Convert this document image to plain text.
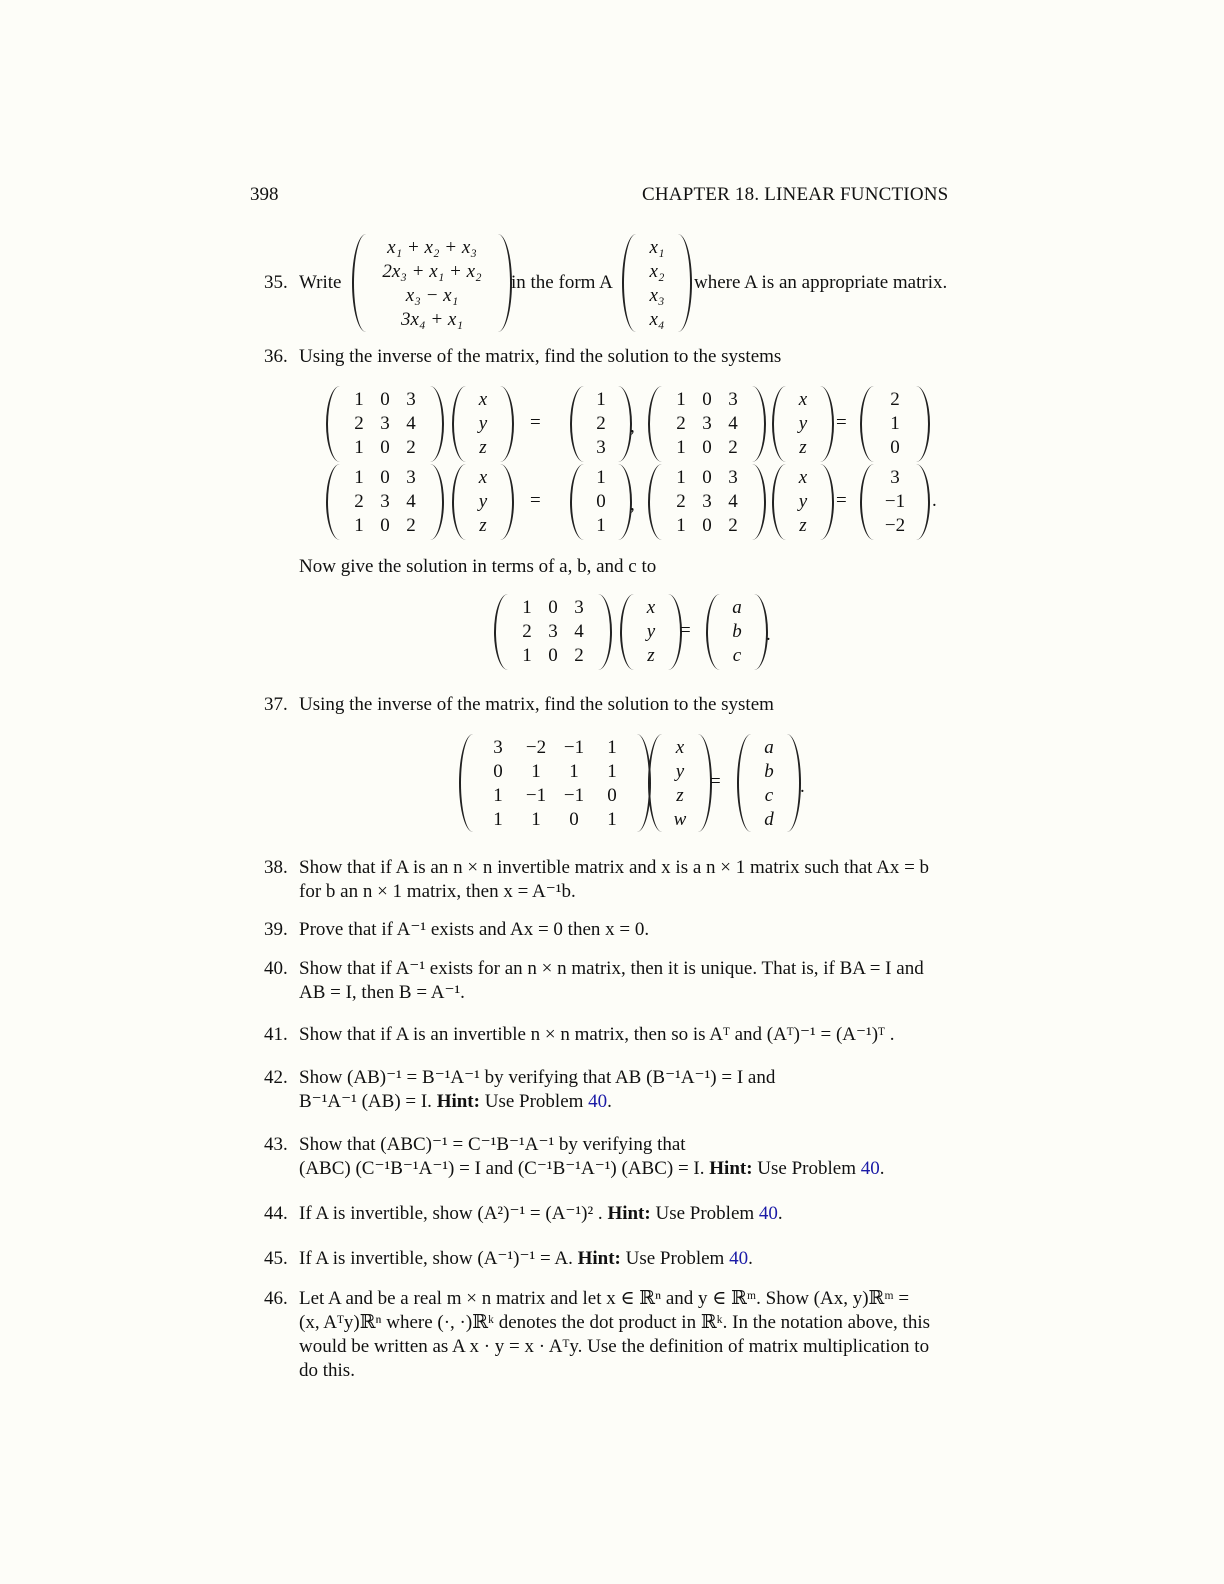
398	CHAPTER 18. LINEAR FUNCTIONS
35. Write
x₁ + x₂ + x₃
2x₃ + x₁ + x₂
x₃ − x₁
3x₄ + x₁
in the form A
x₁
x₂
x₃
x₄
where A is an appropriate matrix.
36. Using the inverse of the matrix, find the solution to the systems
1 0 3
2 3 4
1 0 2
x
y
z
=
1
2
3
,
1 0 3
2 3 4
1 0 2
x
y
z
=
2
1
0
1 0 3
2 3 4
1 0 2
x
y
z
=
1
0
1
,
1 0 3
2 3 4
1 0 2
x
y
z
=
3
−1
−2
.
Now give the solution in terms of a, b, and c to
1 0 3
2 3 4
1 0 2
x
y
z
=
a
b
c
.
37. Using the inverse of the matrix, find the solution to the system
3	−2 −1	1
0	1	1	1
1	−1 −1	0
1	1	0	1
x
y
z
w
=
a
b
c
d
.
38. Show that if A is an n × n invertible matrix and x is a n × 1 matrix such that Ax = b
for b an n × 1 matrix, then x = A⁻¹b.
39. Prove that if A⁻¹ exists and Ax = 0 then x = 0.
40. Show that if A⁻¹ exists for an n × n matrix, then it is unique. That is, if BA = I and
AB = I, then B = A⁻¹.
41. Show that if A is an invertible n × n matrix, then so is Aᵀ and (Aᵀ)⁻¹ = (A⁻¹)ᵀ .
42. Show (AB)⁻¹ = B⁻¹A⁻¹ by verifying that AB (B⁻¹A⁻¹) = I and
B⁻¹A⁻¹ (AB) = I. Hint: Use Problem 40.
43. Show that (ABC)⁻¹ = C⁻¹B⁻¹A⁻¹ by verifying that
(ABC) (C⁻¹B⁻¹A⁻¹) = I and (C⁻¹B⁻¹A⁻¹) (ABC) = I. Hint: Use Problem 40.
44. If A is invertible, show (A²)⁻¹ = (A⁻¹)² . Hint: Use Problem 40.
45. If A is invertible, show (A⁻¹)⁻¹ = A. Hint: Use Problem 40.
46. Let A and be a real m × n matrix and let x ∈ ℝⁿ and y ∈ ℝᵐ. Show (Ax, y)ℝᵐ =
(x, Aᵀy)ℝⁿ where (·, ·)ℝᵏ denotes the dot product in ℝᵏ. In the notation above, this
would be written as A x · y = x · Aᵀy. Use the definition of matrix multiplication to
do this.
